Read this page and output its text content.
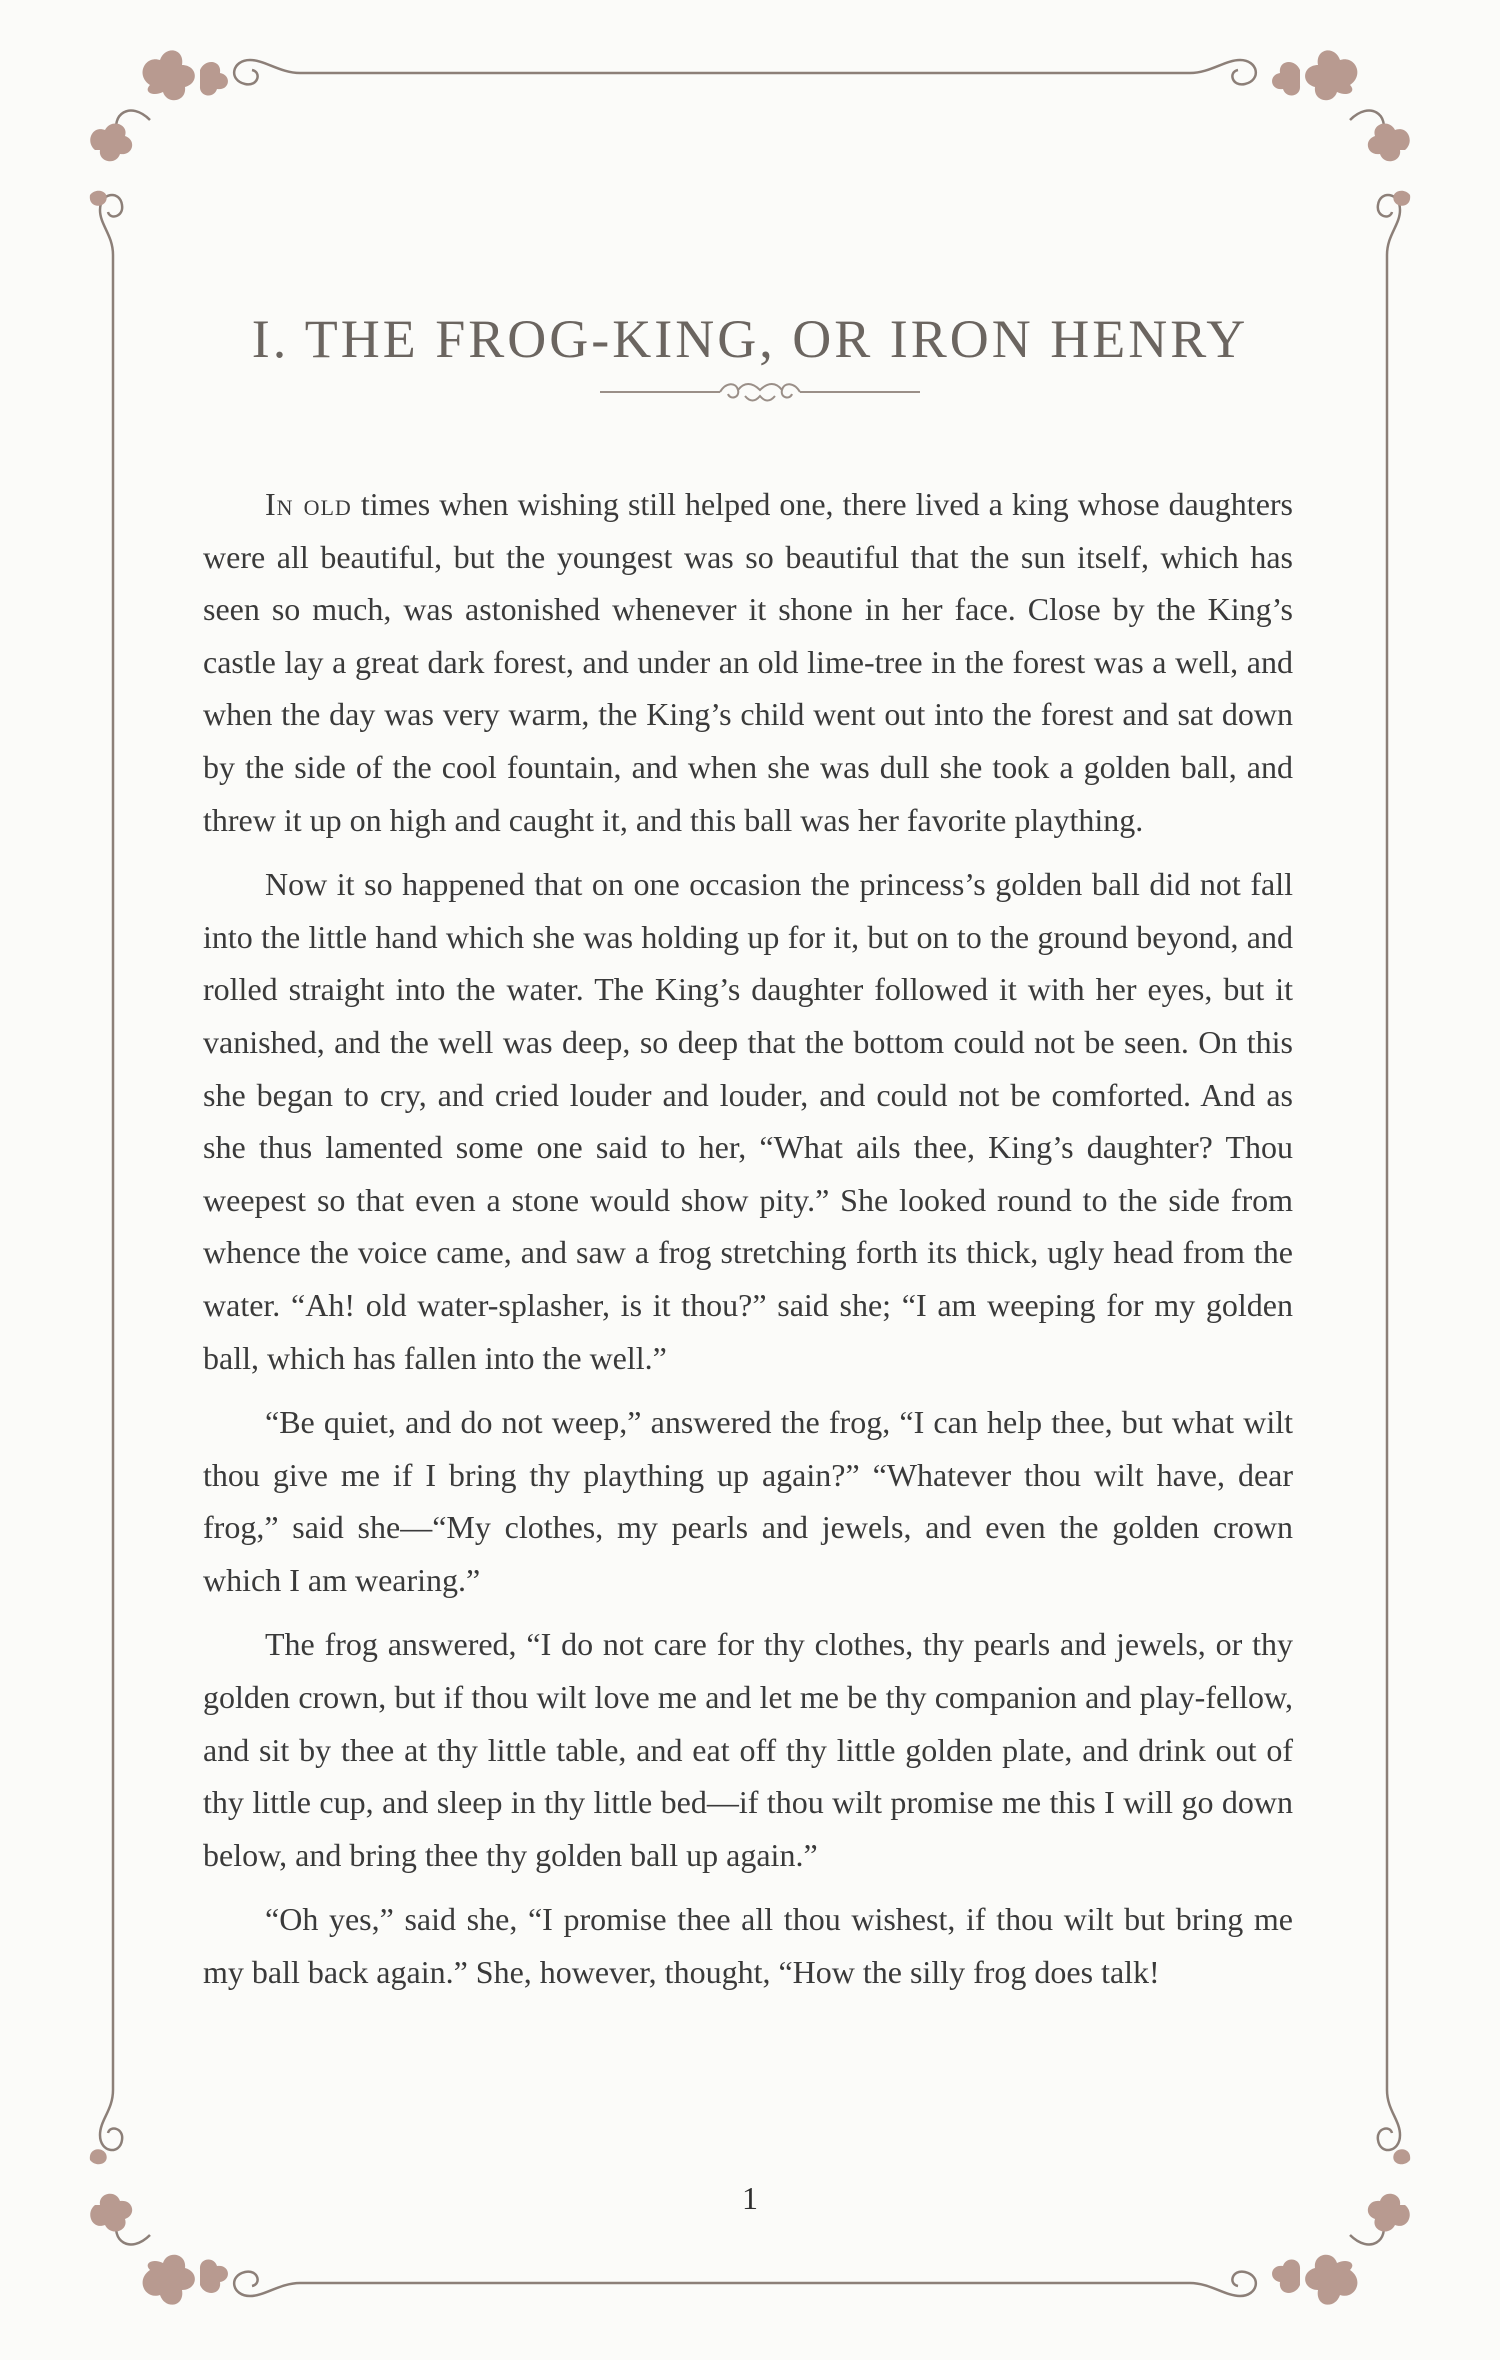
I. THE FROG-KING, OR IRON HENRY

In old times when wishing still helped one, there lived a king whose daughters were all beautiful, but the youngest was so beautiful that the sun itself, which has seen so much, was astonished whenever it shone in her face. Close by the King’s castle lay a great dark forest, and under an old lime-tree in the forest was a well, and when the day was very warm, the King’s child went out into the forest and sat down by the side of the cool fountain, and when she was dull she took a golden ball, and threw it up on high and caught it, and this ball was her favorite plaything.

Now it so happened that on one occasion the princess’s golden ball did not fall into the little hand which she was holding up for it, but on to the ground beyond, and rolled straight into the water. The King’s daughter followed it with her eyes, but it vanished, and the well was deep, so deep that the bottom could not be seen. On this she began to cry, and cried louder and louder, and could not be comforted. And as she thus lamented some one said to her, “What ails thee, King’s daughter? Thou weepest so that even a stone would show pity.” She looked round to the side from whence the voice came, and saw a frog stretching forth its thick, ugly head from the water. “Ah! old water-splasher, is it thou?” said she; “I am weeping for my golden ball, which has fallen into the well.”

“Be quiet, and do not weep,” answered the frog, “I can help thee, but what wilt thou give me if I bring thy plaything up again?” “Whatever thou wilt have, dear frog,” said she—“My clothes, my pearls and jewels, and even the golden crown which I am wearing.”

The frog answered, “I do not care for thy clothes, thy pearls and jewels, or thy golden crown, but if thou wilt love me and let me be thy companion and play-fellow, and sit by thee at thy little table, and eat off thy little golden plate, and drink out of thy little cup, and sleep in thy little bed—if thou wilt promise me this I will go down below, and bring thee thy golden ball up again.”

“Oh yes,” said she, “I promise thee all thou wishest, if thou wilt but bring me my ball back again.” She, however, thought, “How the silly frog does talk!

1
